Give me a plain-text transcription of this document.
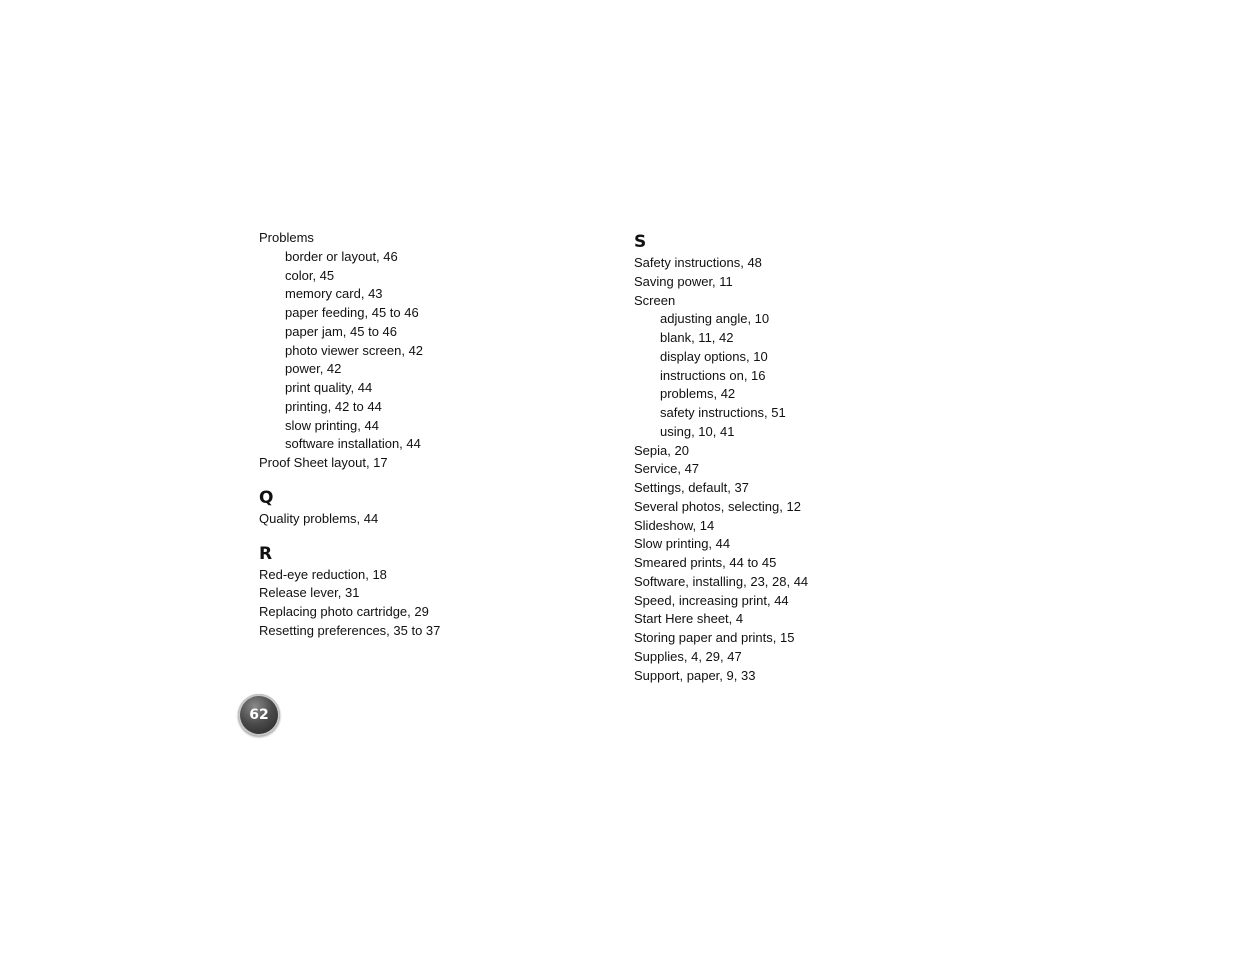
Problems
border or layout, 46
color, 45
memory card, 43
paper feeding, 45 to 46
paper jam, 45 to 46
photo viewer screen, 42
power, 42
print quality, 44
printing, 42 to 44
slow printing, 44
software installation, 44
Proof Sheet layout, 17
Q
Quality problems, 44
R
Red-eye reduction, 18
Release lever, 31
Replacing photo cartridge, 29
Resetting preferences, 35 to 37
S
Safety instructions, 48
Saving power, 11
Screen
adjusting angle, 10
blank, 11, 42
display options, 10
instructions on, 16
problems, 42
safety instructions, 51
using, 10, 41
Sepia, 20
Service, 47
Settings, default, 37
Several photos, selecting, 12
Slideshow, 14
Slow printing, 44
Smeared prints, 44 to 45
Software, installing, 23, 28, 44
Speed, increasing print, 44
Start Here sheet, 4
Storing paper and prints, 15
Supplies, 4, 29, 47
Support, paper, 9, 33
62
